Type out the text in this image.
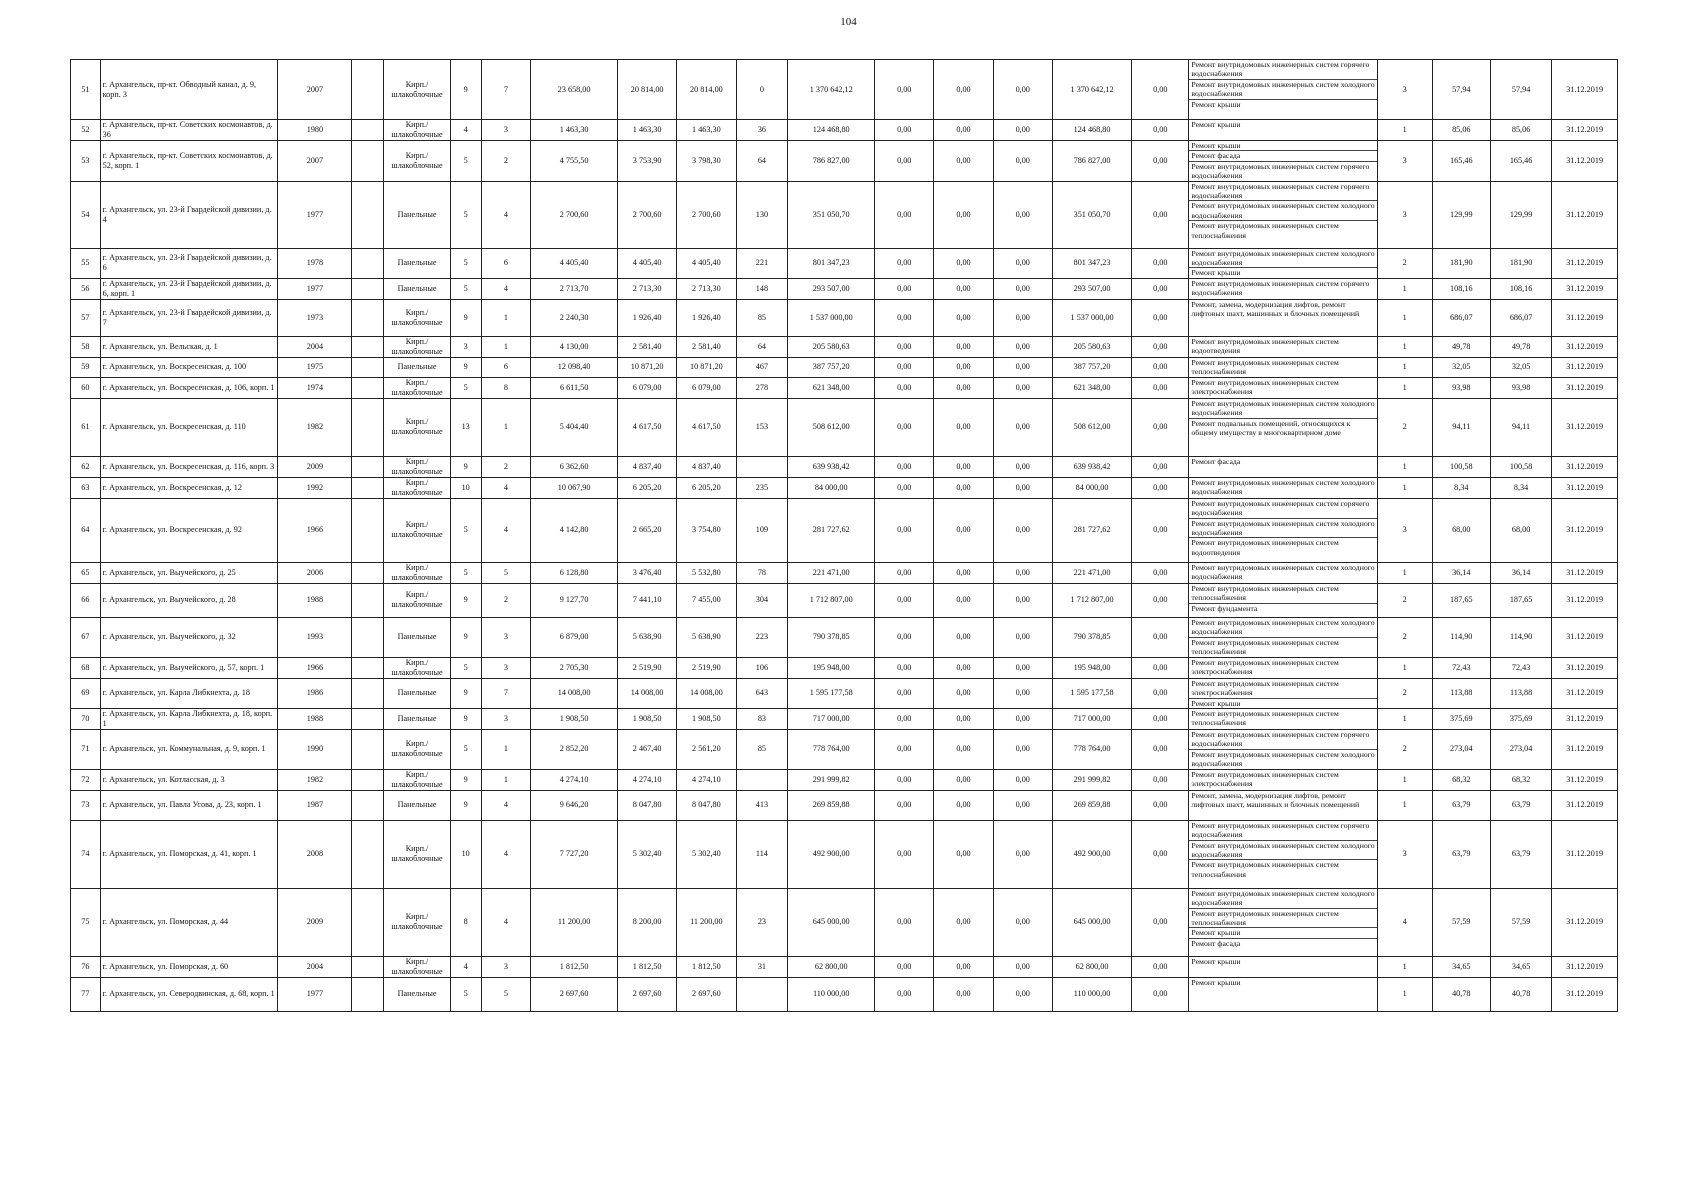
104
51	г. Архангельск, пр-кт. Обводный канал, д. 9, корп. 3	2007		Кирп./ шлакоблочные	9	7	23 658,00	20 814,00	20 814,00	0	1 370 642,12	0,00	0,00	0,00	1 370 642,12	0,00	Ремонт внутридомовых инженерных систем горячего водоснабжения
Ремонт внутридомовых инженерных систем холодного водоснабжения
Ремонт крыши	3	57,94	57,94	31.12.2019
52	г. Архангельск, пр-кт. Советских космонавтов, д. 36	1980		Кирп./ шлакоблочные	4	3	1 463,30	1 463,30	1 463,30	36	124 468,80	0,00	0,00	0,00	124 468,80	0,00	Ремонт крыши	1	85,06	85,06	31.12.2019
53	г. Архангельск, пр-кт. Советских космонавтов, д. 52, корп. 1	2007		Кирп./ шлакоблочные	5	2	4 755,50	3 753,90	3 798,30	64	786 827,00	0,00	0,00	0,00	786 827,00	0,00	Ремонт крыши
Ремонт фасада
Ремонт внутридомовых инженерных систем горячего водоснабжения	3	165,46	165,46	31.12.2019
54	г. Архангельск, ул. 23-й Гвардейской дивизии, д. 4	1977		Панельные	5	4	2 700,60	2 700,60	2 700,60	130	351 050,70	0,00	0,00	0,00	351 050,70	0,00	Ремонт внутридомовых инженерных систем горячего водоснабжения
Ремонт внутридомовых инженерных систем холодного водоснабжения
Ремонт внутридомовых инженерных систем теплоснабжения	3	129,99	129,99	31.12.2019
55	г. Архангельск, ул. 23-й Гвардейской дивизии, д. 6	1978		Панельные	5	6	4 405,40	4 405,40	4 405,40	221	801 347,23	0,00	0,00	0,00	801 347,23	0,00	Ремонт внутридомовых инженерных систем холодного водоснабжения
Ремонт крыши	2	181,90	181,90	31.12.2019
56	г. Архангельск, ул. 23-й Гвардейской дивизии, д. 6, корп. 1	1977		Панельные	5	4	2 713,70	2 713,30	2 713,30	148	293 507,00	0,00	0,00	0,00	293 507,00	0,00	Ремонт внутридомовых инженерных систем горячего водоснабжения	1	108,16	108,16	31.12.2019
57	г. Архангельск, ул. 23-й Гвардейской дивизии, д. 7	1973		Кирп./ шлакоблочные	9	1	2 240,30	1 926,40	1 926,40	85	1 537 000,00	0,00	0,00	0,00	1 537 000,00	0,00	Ремонт, замена, модернизация лифтов, ремонт лифтовых шахт, машинных и блочных помещений	1	686,07	686,07	31.12.2019
58	г. Архангельск, ул. Вельская, д. 1	2004		Кирп./ шлакоблочные	3	1	4 130,00	2 581,40	2 581,40	64	205 580,63	0,00	0,00	0,00	205 580,63	0,00	Ремонт внутридомовых инженерных систем водоотведения	1	49,78	49,78	31.12.2019
59	г. Архангельск, ул. Воскресенская, д. 100	1975		Панельные	9	6	12 098,40	10 871,20	10 871,20	467	387 757,20	0,00	0,00	0,00	387 757,20	0,00	Ремонт внутридомовых инженерных систем теплоснабжения	1	32,05	32,05	31.12.2019
60	г. Архангельск, ул. Воскресенская, д. 106, корп. 1	1974		Кирп./ шлакоблочные	5	8	6 611,50	6 079,00	6 079,00	278	621 348,00	0,00	0,00	0,00	621 348,00	0,00	Ремонт внутридомовых инженерных систем электроснабжения	1	93,98	93,98	31.12.2019
61	г. Архангельск, ул. Воскресенская, д. 110	1982		Кирп./ шлакоблочные	13	1	5 404,40	4 617,50	4 617,50	153	508 612,00	0,00	0,00	0,00	508 612,00	0,00	Ремонт внутридомовых инженерных систем холодного водоснабжения
Ремонт подвальных помещений, относящихся к общему имуществу в многоквартирном доме	2	94,11	94,11	31.12.2019
62	г. Архангельск, ул. Воскресенская, д. 116, корп. 3	2009		Кирп./ шлакоблочные	9	2	6 362,60	4 837,40	4 837,40		639 938,42	0,00	0,00	0,00	639 938,42	0,00	Ремонт фасада	1	100,58	100,58	31.12.2019
63	г. Архангельск, ул. Воскресенская, д. 12	1992		Кирп./ шлакоблочные	10	4	10 067,90	6 205,20	6 205,20	235	84 000,00	0,00	0,00	0,00	84 000,00	0,00	Ремонт внутридомовых инженерных систем холодного водоснабжения	1	8,34	8,34	31.12.2019
64	г. Архангельск, ул. Воскресенская, д. 92	1966		Кирп./ шлакоблочные	5	4	4 142,80	2 665,20	3 754,80	109	281 727,62	0,00	0,00	0,00	281 727,62	0,00	Ремонт внутридомовых инженерных систем горячего водоснабжения
Ремонт внутридомовых инженерных систем холодного водоснабжения
Ремонт внутридомовых инженерных систем водоотведения	3	68,00	68,00	31.12.2019
65	г. Архангельск, ул. Выучейского, д. 25	2006		Кирп./ шлакоблочные	5	5	6 128,80	3 476,40	5 532,80	78	221 471,00	0,00	0,00	0,00	221 471,00	0,00	Ремонт внутридомовых инженерных систем холодного водоснабжения	1	36,14	36,14	31.12.2019
66	г. Архангельск, ул. Выучейского, д. 28	1988		Кирп./ шлакоблочные	9	2	9 127,70	7 441,10	7 455,00	304	1 712 807,00	0,00	0,00	0,00	1 712 807,00	0,00	Ремонт внутридомовых инженерных систем теплоснабжения
Ремонт фундамента	2	187,65	187,65	31.12.2019
67	г. Архангельск, ул. Выучейского, д. 32	1993		Панельные	9	3	6 879,00	5 638,90	5 638,90	223	790 378,85	0,00	0,00	0,00	790 378,85	0,00	Ремонт внутридомовых инженерных систем холодного водоснабжения
Ремонт внутридомовых инженерных систем теплоснабжения	2	114,90	114,90	31.12.2019
68	г. Архангельск, ул. Выучейского, д. 57, корп. 1	1966		Кирп./ шлакоблочные	5	3	2 705,30	2 519,90	2 519,90	106	195 948,00	0,00	0,00	0,00	195 948,00	0,00	Ремонт внутридомовых инженерных систем электроснабжения	1	72,43	72,43	31.12.2019
69	г. Архангельск, ул. Карла Либкнехта, д. 18	1986		Панельные	9	7	14 008,00	14 008,00	14 008,00	643	1 595 177,58	0,00	0,00	0,00	1 595 177,58	0,00	Ремонт внутридомовых инженерных систем электроснабжения
Ремонт крыши	2	113,88	113,88	31.12.2019
70	г. Архангельск, ул. Карла Либкнехта, д. 18, корп. 1	1988		Панельные	9	3	1 908,50	1 908,50	1 908,50	83	717 000,00	0,00	0,00	0,00	717 000,00	0,00	Ремонт внутридомовых инженерных систем теплоснабжения	1	375,69	375,69	31.12.2019
71	г. Архангельск, ул. Коммунальная, д. 9, корп. 1	1990		Кирп./ шлакоблочные	5	1	2 852,20	2 467,40	2 561,20	85	778 764,00	0,00	0,00	0,00	778 764,00	0,00	Ремонт внутридомовых инженерных систем горячего водоснабжения
Ремонт внутридомовых инженерных систем холодного водоснабжения	2	273,04	273,04	31.12.2019
72	г. Архангельск, ул. Котласская, д. 3	1982		Кирп./ шлакоблочные	9	1	4 274,10	4 274,10	4 274,10		291 999,82	0,00	0,00	0,00	291 999,82	0,00	Ремонт внутридомовых инженерных систем электроснабжения	1	68,32	68,32	31.12.2019
73	г. Архангельск, ул. Павла Усова, д. 23, корп. 1	1987		Панельные	9	4	9 646,20	8 047,80	8 047,80	413	269 859,88	0,00	0,00	0,00	269 859,88	0,00	Ремонт, замена, модернизация лифтов, ремонт лифтовых шахт, машинных и блочных помещений	1	63,79	63,79	31.12.2019
74	г. Архангельск, ул. Поморская, д. 41, корп. 1	2008		Кирп./ шлакоблочные	10	4	7 727,20	5 302,40	5 302,40	114	492 900,00	0,00	0,00	0,00	492 900,00	0,00	Ремонт внутридомовых инженерных систем горячего водоснабжения
Ремонт внутридомовых инженерных систем холодного водоснабжения
Ремонт внутридомовых инженерных систем теплоснабжения	3	63,79	63,79	31.12.2019
75	г. Архангельск, ул. Поморская, д. 44	2009		Кирп./ шлакоблочные	8	4	11 200,00	8 200,00	11 200,00	23	645 000,00	0,00	0,00	0,00	645 000,00	0,00	Ремонт внутридомовых инженерных систем холодного водоснабжения
Ремонт внутридомовых инженерных систем теплоснабжения
Ремонт крыши
Ремонт фасада	4	57,59	57,59	31.12.2019
76	г. Архангельск, ул. Поморская, д. 60	2004		Кирп./ шлакоблочные	4	3	1 812,50	1 812,50	1 812,50	31	62 800,00	0,00	0,00	0,00	62 800,00	0,00	Ремонт крыши	1	34,65	34,65	31.12.2019
77	г. Архангельск, ул. Северодвинская, д. 68, корп. 1	1977		Панельные	5	5	2 697,60	2 697,60	2 697,60		110 000,00	0,00	0,00	0,00	110 000,00	0,00	Ремонт крыши	1	40,78	40,78	31.12.2019
